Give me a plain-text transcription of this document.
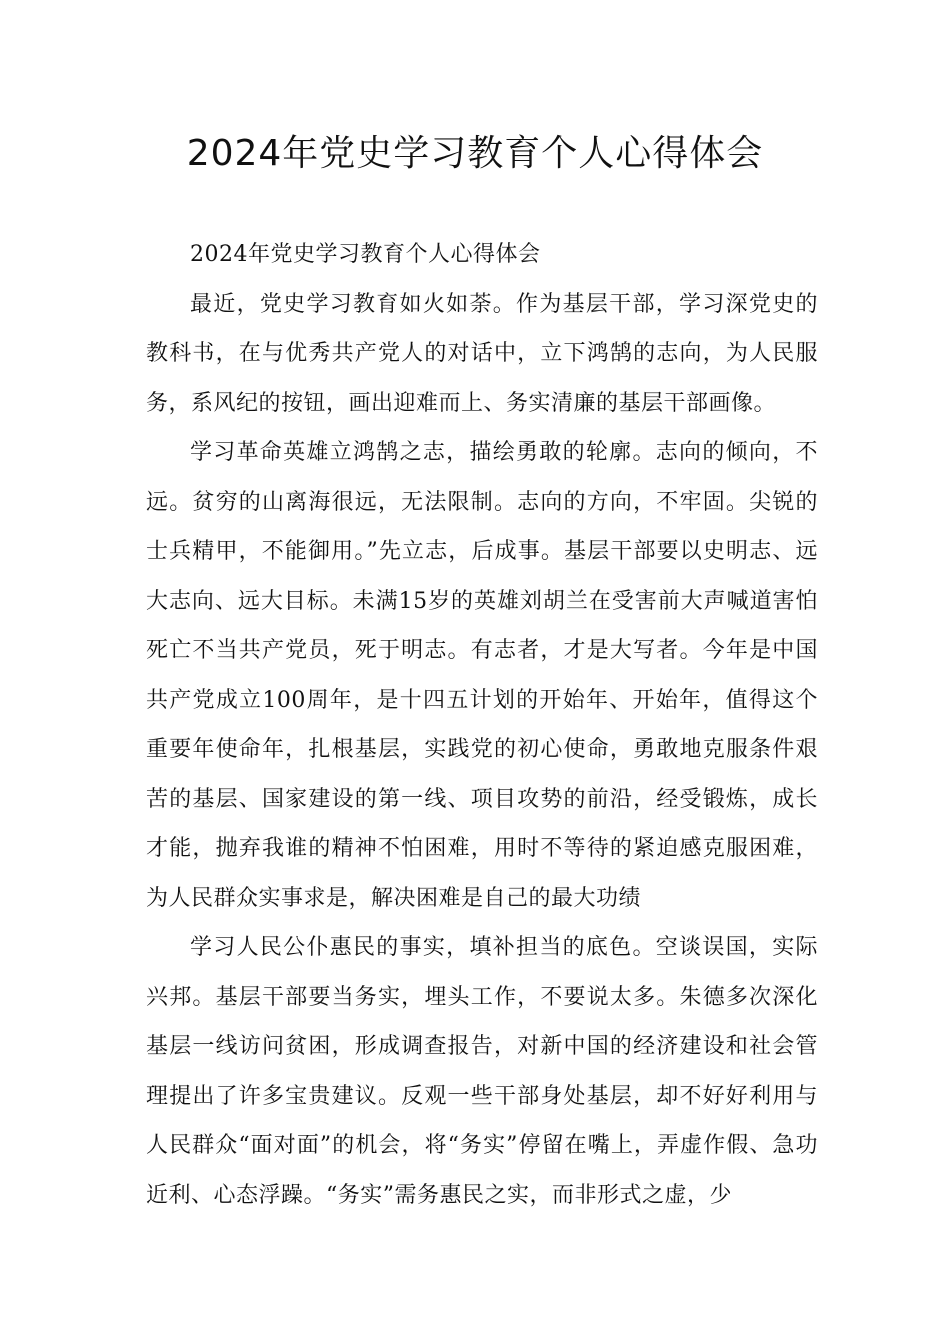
2024年党史学习教育个人心得体会

2024年党史学习教育个人心得体会

最近，党史学习教育如火如荼。作为基层干部，学习深党史的教科书，在与优秀共产党人的对话中，立下鸿鹄的志向，为人民服务，系风纪的按钮，画出迎难而上、务实清廉的基层干部画像。

学习革命英雄立鸿鹄之志，描绘勇敢的轮廓。志向的倾向，不远。贫穷的山离海很远，无法限制。志向的方向，不牢固。尖锐的士兵精甲，不能御用。”先立志，后成事。基层干部要以史明志、远大志向、远大目标。未满15岁的英雄刘胡兰在受害前大声喊道害怕死亡不当共产党员，死于明志。有志者，才是大写者。今年是中国共产党成立100周年，是十四五计划的开始年、开始年，值得这个重要年使命年，扎根基层，实践党的初心使命，勇敢地克服条件艰苦的基层、国家建设的第一线、项目攻势的前沿，经受锻炼，成长才能，抛弃我谁的精神不怕困难，用时不等待的紧迫感克服困难，为人民群众实事求是，解决困难是自己的最大功绩

学习人民公仆惠民的事实，填补担当的底色。空谈误国，实际兴邦。基层干部要当务实，埋头工作，不要说太多。朱德多次深化基层一线访问贫困，形成调查报告，对新中国的经济建设和社会管理提出了许多宝贵建议。反观一些干部身处基层，却不好好利用与人民群众“面对面”的机会，将“务实”停留在嘴上，弄虚作假、急功近利、心态浮躁。“务实”需务惠民之实，而非形式之虚，少
